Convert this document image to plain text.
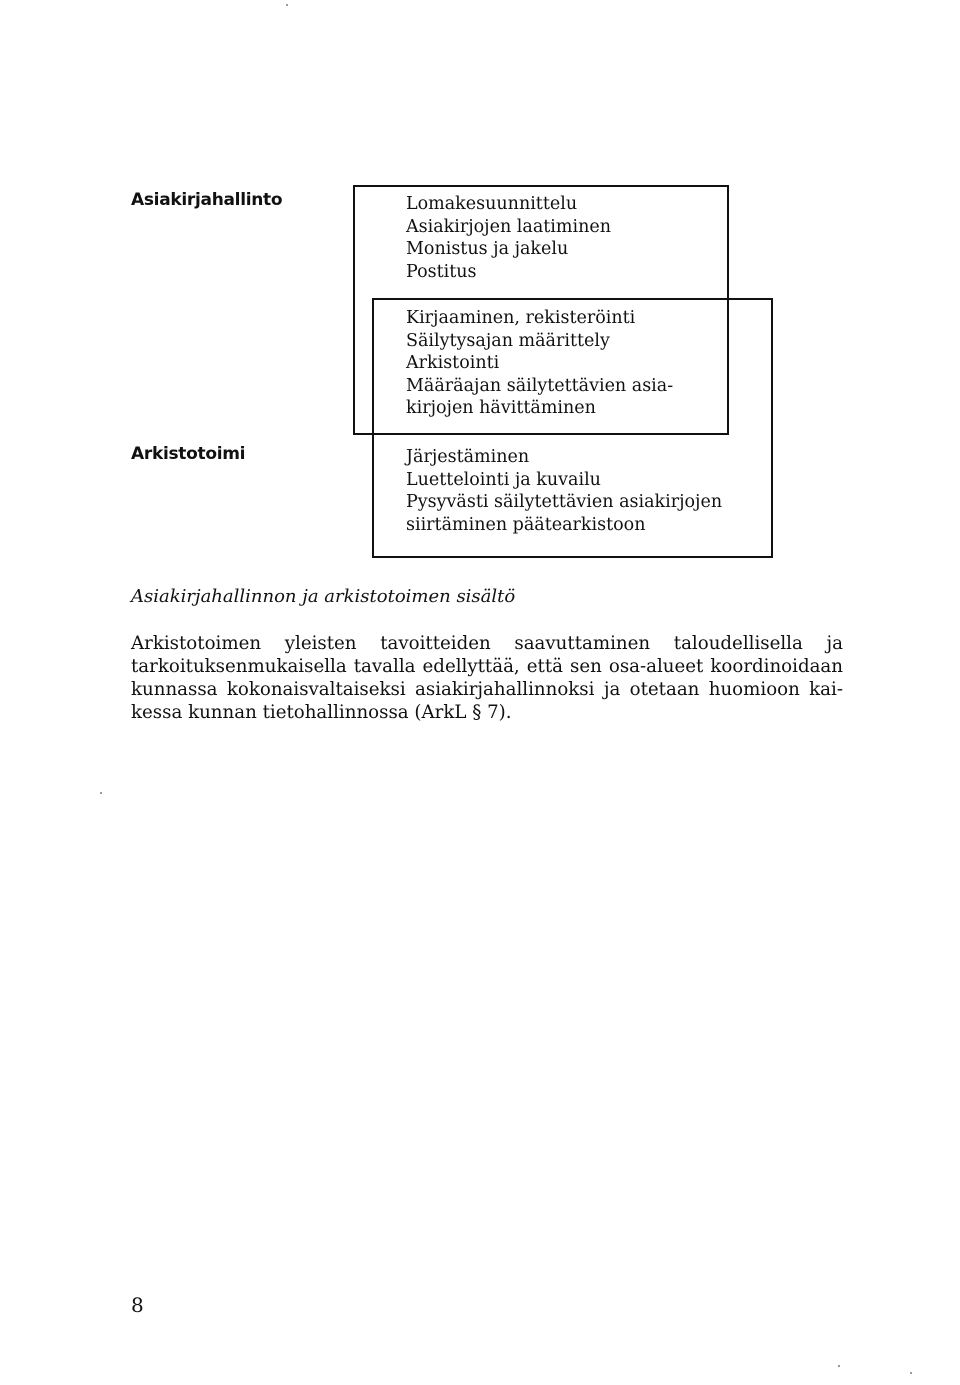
Asiakirjahallinto
Arkistotoimi
Lomakesuunnittelu
Asiakirjojen laatiminen
Monistus ja jakelu
Postitus
Kirjaaminen, rekisteröinti
Säilytysajan määrittely
Arkistointi
Määräajan säilytettävien asia-
kirjojen hävittäminen
Järjestäminen
Luettelointi ja kuvailu
Pysyvästi säilytettävien asiakirjojen
siirtäminen päätearkistoon
Asiakirjahallinnon ja arkistotoimen sisältö
Arkistotoimen yleisten tavoitteiden saavuttaminen taloudellisella ja
tarkoituksenmukaisella tavalla edellyttää, että sen osa-alueet koordinoidaan
kunnassa kokonaisvaltaiseksi asiakirjahallinnoksi ja otetaan huomioon kai-
kessa kunnan tietohallinnossa (ArkL § 7).
8
